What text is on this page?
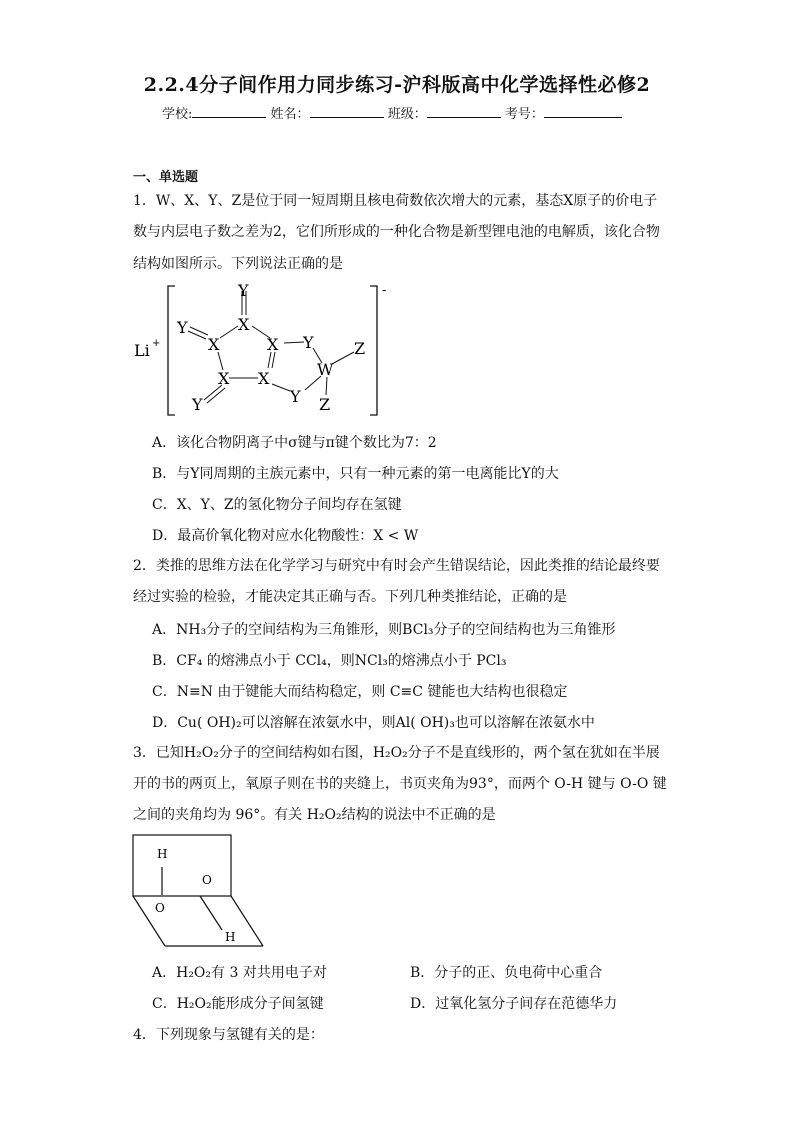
2.2.4分子间作用力同步练习-沪科版高中化学选择性必修2
学校:	姓名：	班级：	考号：
一、单选题
1．W、X、Y、Z是位于同一短周期且核电荷数依次增大的元素，基态X原子的价电子
数与内层电子数之差为2，它们所形成的一种化合物是新型锂电池的电解质，该化合物
结构如图所示。下列说法正确的是
Li +
-
Y
X
Y
X	X Y
X X
Y
W
Z
Y Z
A．该化合物阴离子中σ键与π键个数比为7：2
B．与Y同周期的主族元素中，只有一种元素的第一电离能比Y的大
C．X、Y、Z的氢化物分子间均存在氢键
D．最高价氧化物对应水化物酸性：X < W
2．类推的思维方法在化学学习与研究中有时会产生错误结论，因此类推的结论最终要
经过实验的检验，才能决定其正确与否。下列几种类推结论，正确的是
A．NH₃分子的空间结构为三角锥形，则BCl₃分子的空间结构也为三角锥形
B．CF₄ 的熔沸点小于 CCl₄，则NCl₃的熔沸点小于 PCl₃
C．N≡N 由于键能大而结构稳定，则 C≡C 键能也大结构也很稳定
D．Cu( OH)₂可以溶解在浓氨水中，则Al( OH)₃也可以溶解在浓氨水中
3．已知H₂O₂分子的空间结构如右图，H₂O₂分子不是直线形的，两个氢在犹如在半展
开的书的两页上，氧原子则在书的夹缝上，书页夹角为93°，而两个 O-H 键与 O-O 键
之间的夹角均为 96°。有关 H₂O₂结构的说法中不正确的是
H
O
O
H
A．H₂O₂有 3 对共用电子对	B．分子的正、负电荷中心重合
C．H₂O₂能形成分子间氢键	D．过氧化氢分子间存在范德华力
4．下列现象与氢键有关的是：
